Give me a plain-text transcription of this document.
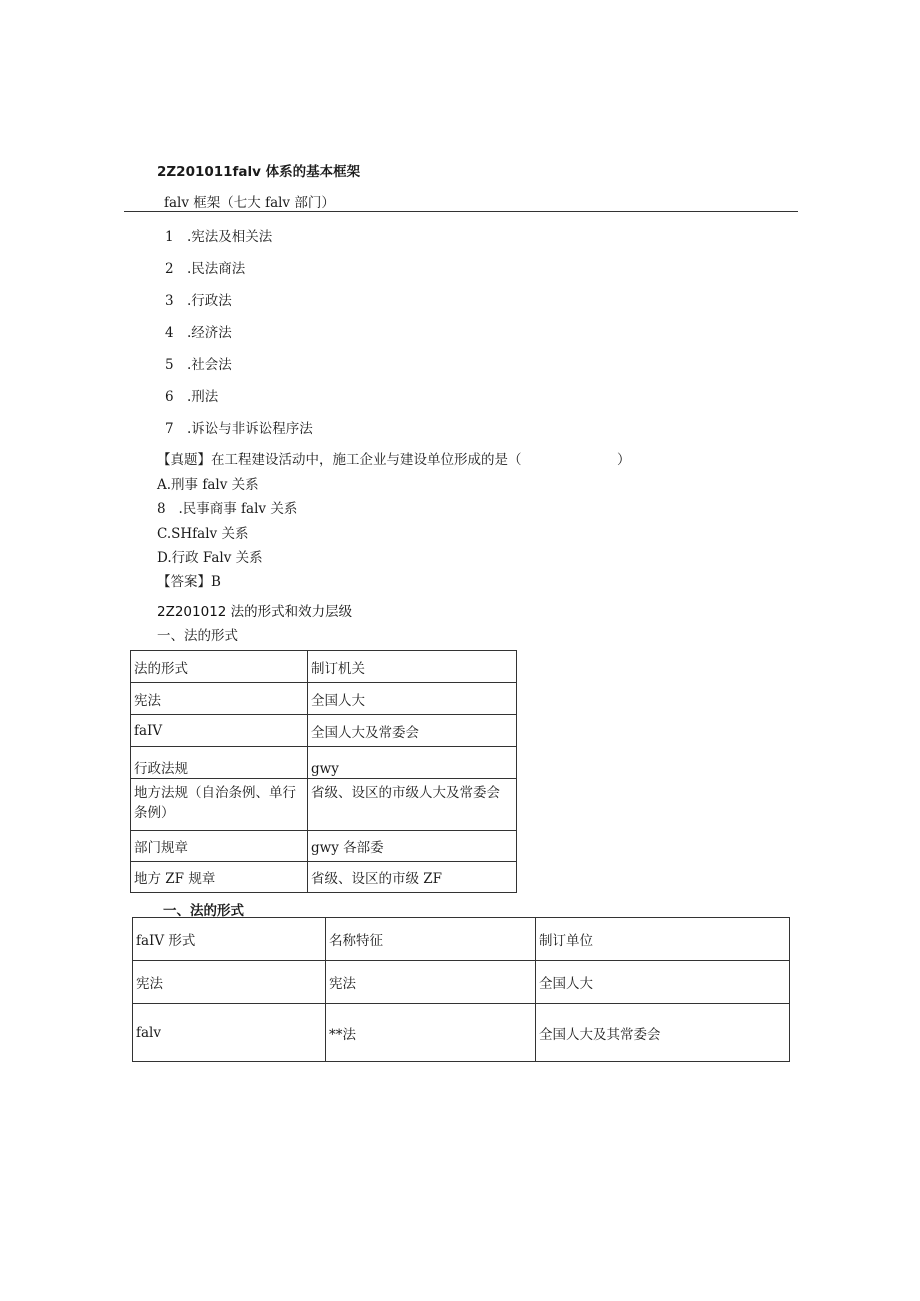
2Z201011falv 体系的基本框架
falv 框架（七大 falv 部门）
1 .宪法及相关法
2 .民法商法
3 .行政法
4 .经济法
5 .社会法
6 .刑法
7 .诉讼与非诉讼程序法
【真题】在工程建设活动中，施工企业与建设单位形成的是（	）
A.刑事 falv 关系
8   .民事商事 falv 关系
C.SHfalv 关系
D.行政 Falv 关系
【答案】B
2Z201012 法的形式和效力层级
一、法的形式
法的形式	制订机关
宪法	全国人大
faIV	全国人大及常委会
行政法规	gwy
地方法规（自治条例、单行条例）	省级、设区的市级人大及常委会
部门规章	gwy 各部委
地方 ZF 规章	省级、设区的市级 ZF
一、法的形式
faIV 形式	名称特征	制订单位
宪法	宪法	全国人大
falv	**法	全国人大及其常委会
